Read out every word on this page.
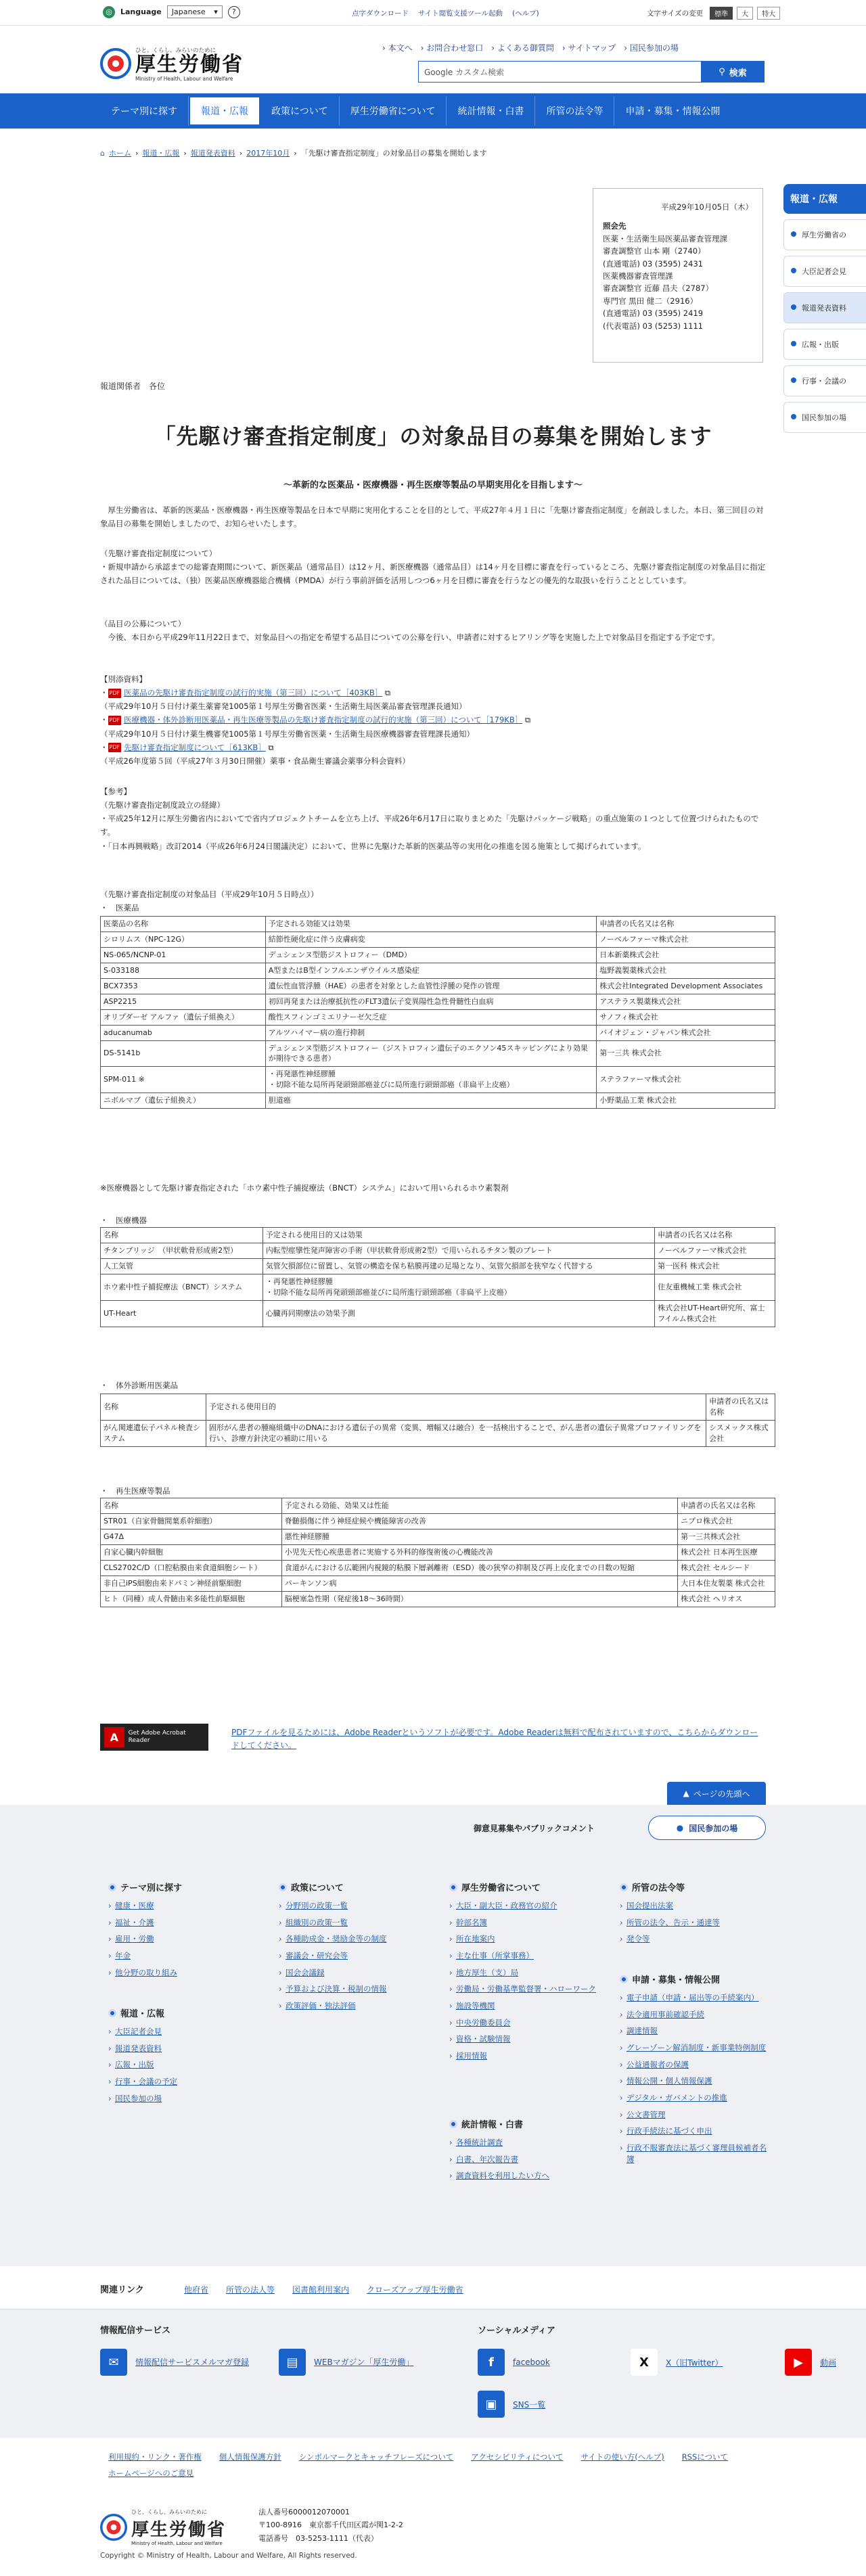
◎	Language Japanese ▾	?	点字ダウンロード サイト閲覧支援ツール起動 (ヘルプ)	文字サイズの変更	標準	大	特大
ひと、くらし、みらいのために
厚生労働省
Ministry of Health, Labour and Welfare
› 本文へ › お問合わせ窓口 › よくある御質問 › サイトマップ › 国民参加の場
Google カスタム検索	⚲ 検索
テーマ別に探す	報道・広報	政策について	厚生労働省について	統計情報・白書	所管の法令等	申請・募集・情報公開
⌂ ホーム › 報道・広報 › 報道発表資料 › 2017年10月 › 「先駆け審査指定制度」の対象品目の募集を開始します
平成29年10月05日（木）
照会先
医薬・生活衛生局医薬品審査管理課
審査調整官 山本 剛（2740）
(直通電話) 03 (3595) 2431
医薬機器審査管理課
審査調整官 近藤 昌夫（2787）
専門官 黒田 健二（2916）
(直通電話) 03 (3595) 2419
(代表電話) 03 (5253) 1111
報道・広報
厚生労働省の
大臣記者会見
報道発表資料
広報・出版
行事・会議の
国民参加の場
報道関係者　各位
「先駆け審査指定制度」の対象品目の募集を開始します
～革新的な医薬品・医療機器・再生医療等製品の早期実用化を目指します～
　厚生労働省は、革新的医薬品・医療機器・再生医療等製品を日本で早期に実用化することを目的として、平成27年４月１日に「先駆け審査指定制度」を創設しました。本日、第三回目の対象品目の募集を開始しましたので、お知らせいたします。
（先駆け審査指定制度について）
・新規申請から承認までの総審査期間について、新医薬品（通常品目）は12ヶ月、新医療機器（通常品目）は14ヶ月を目標に審査を行っているところ、先駆け審査指定制度の対象品目に指定された品目については、（独）医薬品医療機器総合機構（PMDA）が行う事前評価を活用しつつ6ヶ月を目標に審査を行うなどの優先的な取扱いを行うこととしています。
（品目の公募について）
　今後、本日から平成29年11月22日まで、対象品目への指定を希望する品目についての公募を行い、申請者に対するヒアリング等を実施した上で対象品目を指定する予定です。
【別添資料】
・ PDF 医薬品の先駆け審査指定制度の試行的実施（第三回）について［403KB］ ⧉
（平成29年10月５日付け薬生薬審発1005第１号厚生労働省医薬・生活衛生局医薬品審査管理課長通知）
・ PDF 医療機器・体外診断用医薬品・再生医療等製品の先駆け審査指定制度の試行的実施（第三回）について［179KB］ ⧉
（平成29年10月５日付け薬生機審発1005第１号厚生労働省医薬・生活衛生局医療機器審査管理課長通知）
・ PDF 先駆け審査指定制度について［613KB］ ⧉
（平成26年度第５回（平成27年３月30日開催）薬事・食品衛生審議会薬事分科会資料）
【参考】
（先駆け審査指定制度設立の経緯）
・平成25年12月に厚生労働省内においてで省内プロジェクトチームを立ち上げ、平成26年6月17日に取りまとめた「先駆けパッケージ戦略」の重点施策の１つとして位置づけられたものです。
・「日本再興戦略」改訂2014（平成26年6月24日閣議決定）において、世界に先駆けた革新的医薬品等の実用化の推進を図る施策として掲げられています。
（先駆け審査指定制度の対象品目（平成29年10月５日時点））
・　医薬品
医薬品の名称	予定される効能又は効果	申請者の氏名又は名称
シロリムス（NPC-12G）	結節性硬化症に伴う皮膚病変	ノーベルファーマ株式会社
NS-065/NCNP-01	デュシェンヌ型筋ジストロフィー（DMD）	日本新薬株式会社
S-033188	A型またはB型インフルエンザウイルス感染症	塩野義製薬株式会社
BCX7353	遺伝性血管浮腫（HAE）の患者を対象とした血管性浮腫の発作の管理	株式会社Integrated Development Associates
ASP2215	初回再発または治療抵抗性のFLT3遺伝子変異陽性急性骨髄性白血病	アステラス製薬株式会社
オリプダーゼ アルファ（遺伝子組換え）	酸性スフィンゴミエリナーゼ欠乏症	サノフィ株式会社
aducanumab	アルツハイマー病の進行抑制	バイオジェン・ジャパン株式会社
DS-5141b	デュシェンヌ型筋ジストロフィー（ジストロフィン遺伝子のエクソン45スキッピングにより効果が期待できる患者）	第一三共 株式会社
SPM-011 ※	・再発悪性神経膠腫
・切除不能な局所再発頭頸部癌並びに局所進行頭頸部癌（非扁平上皮癌）	ステラファーマ株式会社
ニボルマブ（遺伝子組換え）	胆道癌	小野薬品工業 株式会社
※医療機器として先駆け審査指定された「ホウ素中性子捕捉療法（BNCT）システム」において用いられるホウ素製剤
・　医療機器
名称	予定される使用目的又は効果	申請者の氏名又は名称
チタンブリッジ　（甲状軟骨形成術2型）	内転型痙攣性発声障害の手術（甲状軟骨形成術2型）で用いられるチタン製のプレート	ノーベルファーマ株式会社
人工気管	気管欠損部位に留置し、気管の構造を保ち粘膜再建の足場となり、気管欠損部を狭窄なく代替する	第一医科 株式会社
ホウ素中性子捕捉療法（BNCT）システム	・再発悪性神経膠腫
・切除不能な局所再発頭頸部癌並びに局所進行頭頸部癌（非扁平上皮癌）	住友重機械工業 株式会社
UT-Heart	心臓再同期療法の効果予測	株式会社UT-Heart研究所、富士フイルム株式会社
・　体外診断用医薬品
名称	予定される使用目的	申請者の氏名又は名称
がん関連遺伝子パネル検査システム	固形がん患者の腫瘍組織中のDNAにおける遺伝子の異常（変異、増幅又は融合）を一括検出することで、がん患者の遺伝子異常プロファイリングを行い、診療方針決定の補助に用いる	シスメックス株式会社
・　再生医療等製品
名称	予定される効能、効果又は性能	申請者の氏名又は名称
STR01（自家骨髄間葉系幹細胞）	脊髄損傷に伴う神経症候や機能障害の改善	ニプロ株式会社
G47Δ	悪性神経膠腫	第一三共株式会社
自家心臓内幹細胞	小児先天性心疾患患者に実施する外科的修復術後の心機能改善	株式会社 日本再生医療
CLS2702C/D（口腔粘膜由来食道細胞シート）	食道がんにおける広範囲内視鏡的粘膜下層剥離術（ESD）後の狭窄の抑制及び再上皮化までの日数の短縮	株式会社 セルシード
非自己iPS細胞由来ドパミン神経前駆細胞	パーキンソン病	大日本住友製薬 株式会社
ヒト（同種）成人骨髄由来多能性前駆細胞	脳梗塞急性期（発症後18～36時間）	株式会社 ヘリオス
A	Get Adobe Acrobat Reader
PDFファイルを見るためには、Adobe Readerというソフトが必要です。Adobe Readerは無料で配布されていますので、こちらからダウンロードしてください。
▲ ページの先頭へ
御意見募集やパブリックコメント	● 国民参加の場
テーマ別に探す
› 健康・医療
› 福祉・介護
› 雇用・労働
› 年金
› 他分野の取り組み
報道・広報
› 大臣記者会見
› 報道発表資料
› 広報・出版
› 行事・会議の予定
› 国民参加の場
政策について
› 分野別の政策一覧
› 組織別の政策一覧
› 各種助成金・奨励金等の制度
› 審議会・研究会等
› 国会会議録
› 予算および決算・税制の情報
› 政策評価・独法評価
厚生労働省について
› 大臣・副大臣・政務官の紹介
› 幹部名簿
› 所在地案内
› 主な仕事（所掌事務）
› 地方厚生（支）局
› 労働局・労働基準監督署・ハローワーク
› 施設等機関
› 中央労働委員会
› 資格・試験情報
› 採用情報
統計情報・白書
› 各種統計調査
› 白書、年次報告書
› 調査資料を利用したい方へ
所管の法令等
› 国会提出法案
› 所管の法令、告示・通達等
› 発令等
申請・募集・情報公開
› 電子申請（申請・届出等の手続案内）
› 法令適用事前確認手続
› 調達情報
› グレーゾーン解消制度・新事業特例制度
› 公益通報者の保護
› 情報公開・個人情報保護
› デジタル・ガバメントの推進
› 公文書管理
› 行政手続法に基づく申出
› 行政不服審査法に基づく審理員候補者名簿
関連リンク	他府省 所管の法人等 図書館利用案内 クローズアップ厚生労働省
情報配信サービス
✉	情報配信サービスメルマガ登録	▤	WEBマガジン「厚生労働」
ソーシャルメディア
f	facebook	X	X（旧Twitter）	▶	動画
▣	SNS一覧
利用規約・リンク・著作権 個人情報保護方針 シンボルマークとキャッチフレーズについて アクセシビリティについて サイトの使い方(ヘルプ) RSSについて
ホームページへのご意見
ひと、くらし、みらいのために
厚生労働省
Ministry of Health, Labour and Welfare
法人番号6000012070001
〒100-8916　東京都千代田区霞が関1-2-2
電話番号　03-5253-1111（代表）
Copyright © Ministry of Health, Labour and Welfare, All Rights reserved.
